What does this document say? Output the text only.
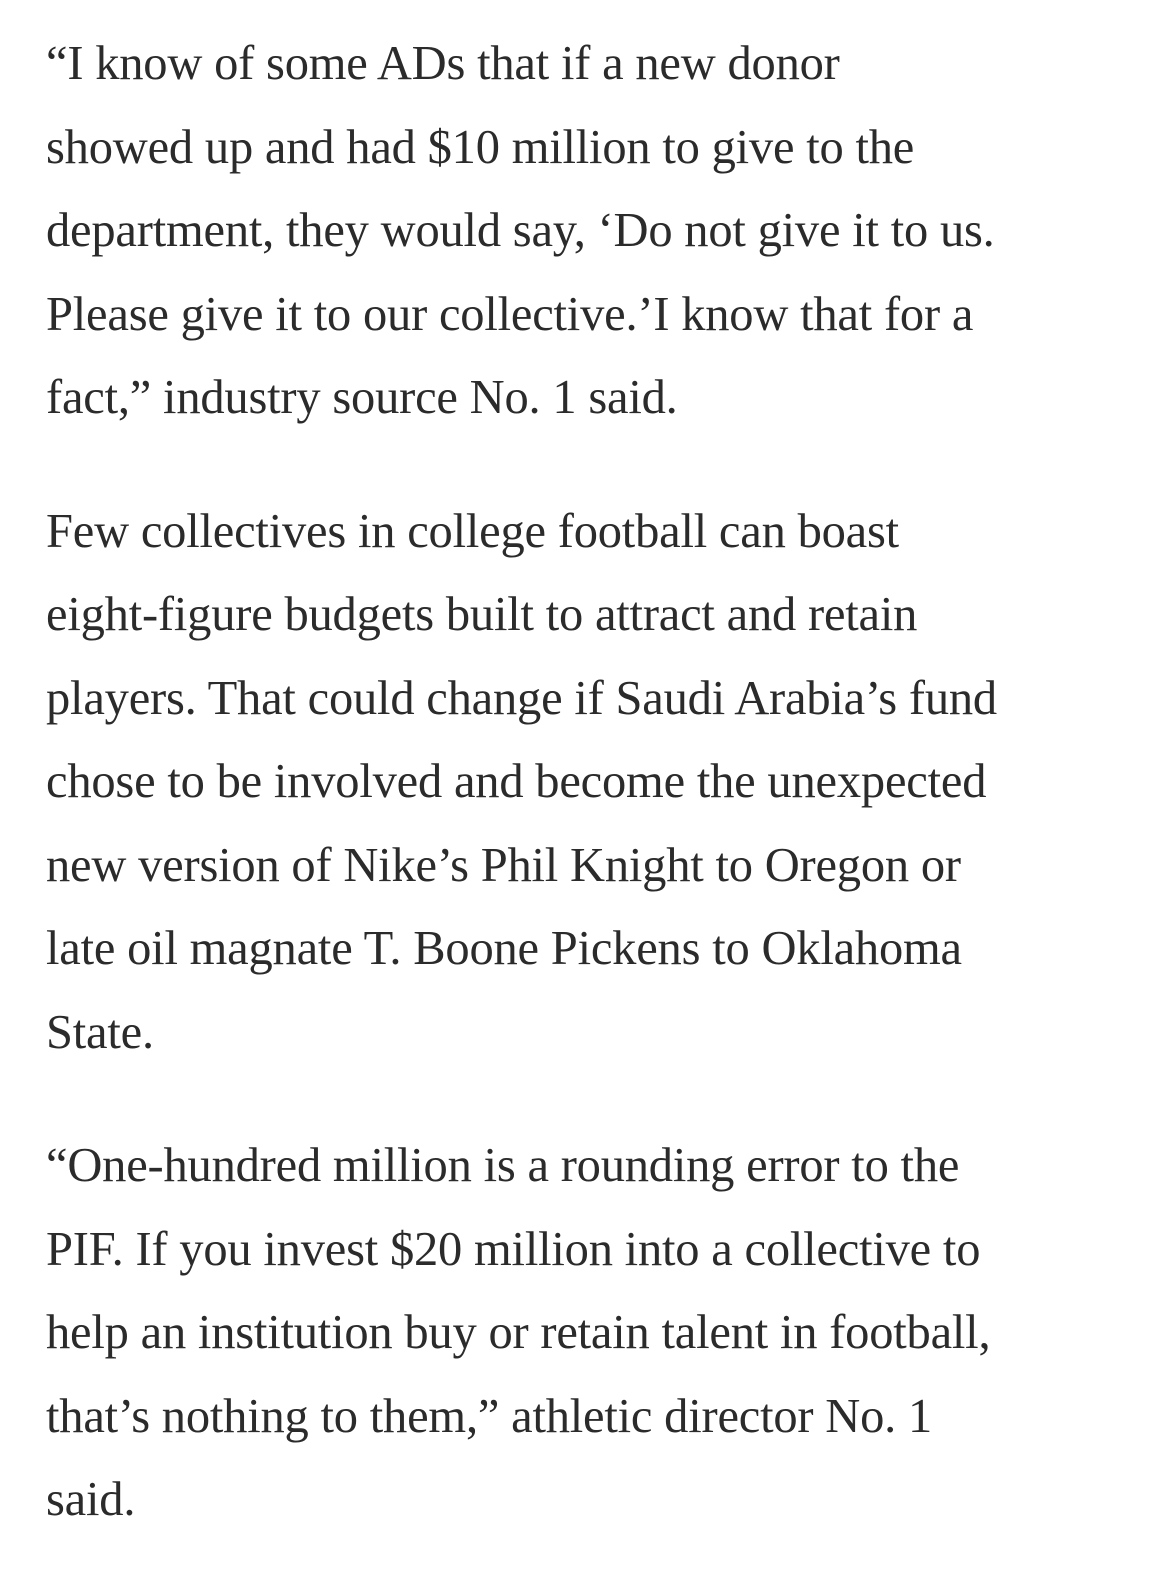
“I know of some ADs that if a new donor
showed up and had $10 million to give to the
department, they would say, ‘Do not give it to us.
Please give it to our collective.’I know that for a
fact,” industry source No. 1 said.

Few collectives in college football can boast
eight-figure budgets built to attract and retain
players. That could change if Saudi Arabia’s fund
chose to be involved and become the unexpected
new version of Nike’s Phil Knight to Oregon or
late oil magnate T. Boone Pickens to Oklahoma
State.

“One-hundred million is a rounding error to the
PIF. If you invest $20 million into a collective to
help an institution buy or retain talent in football,
that’s nothing to them,” athletic director No. 1
said.
